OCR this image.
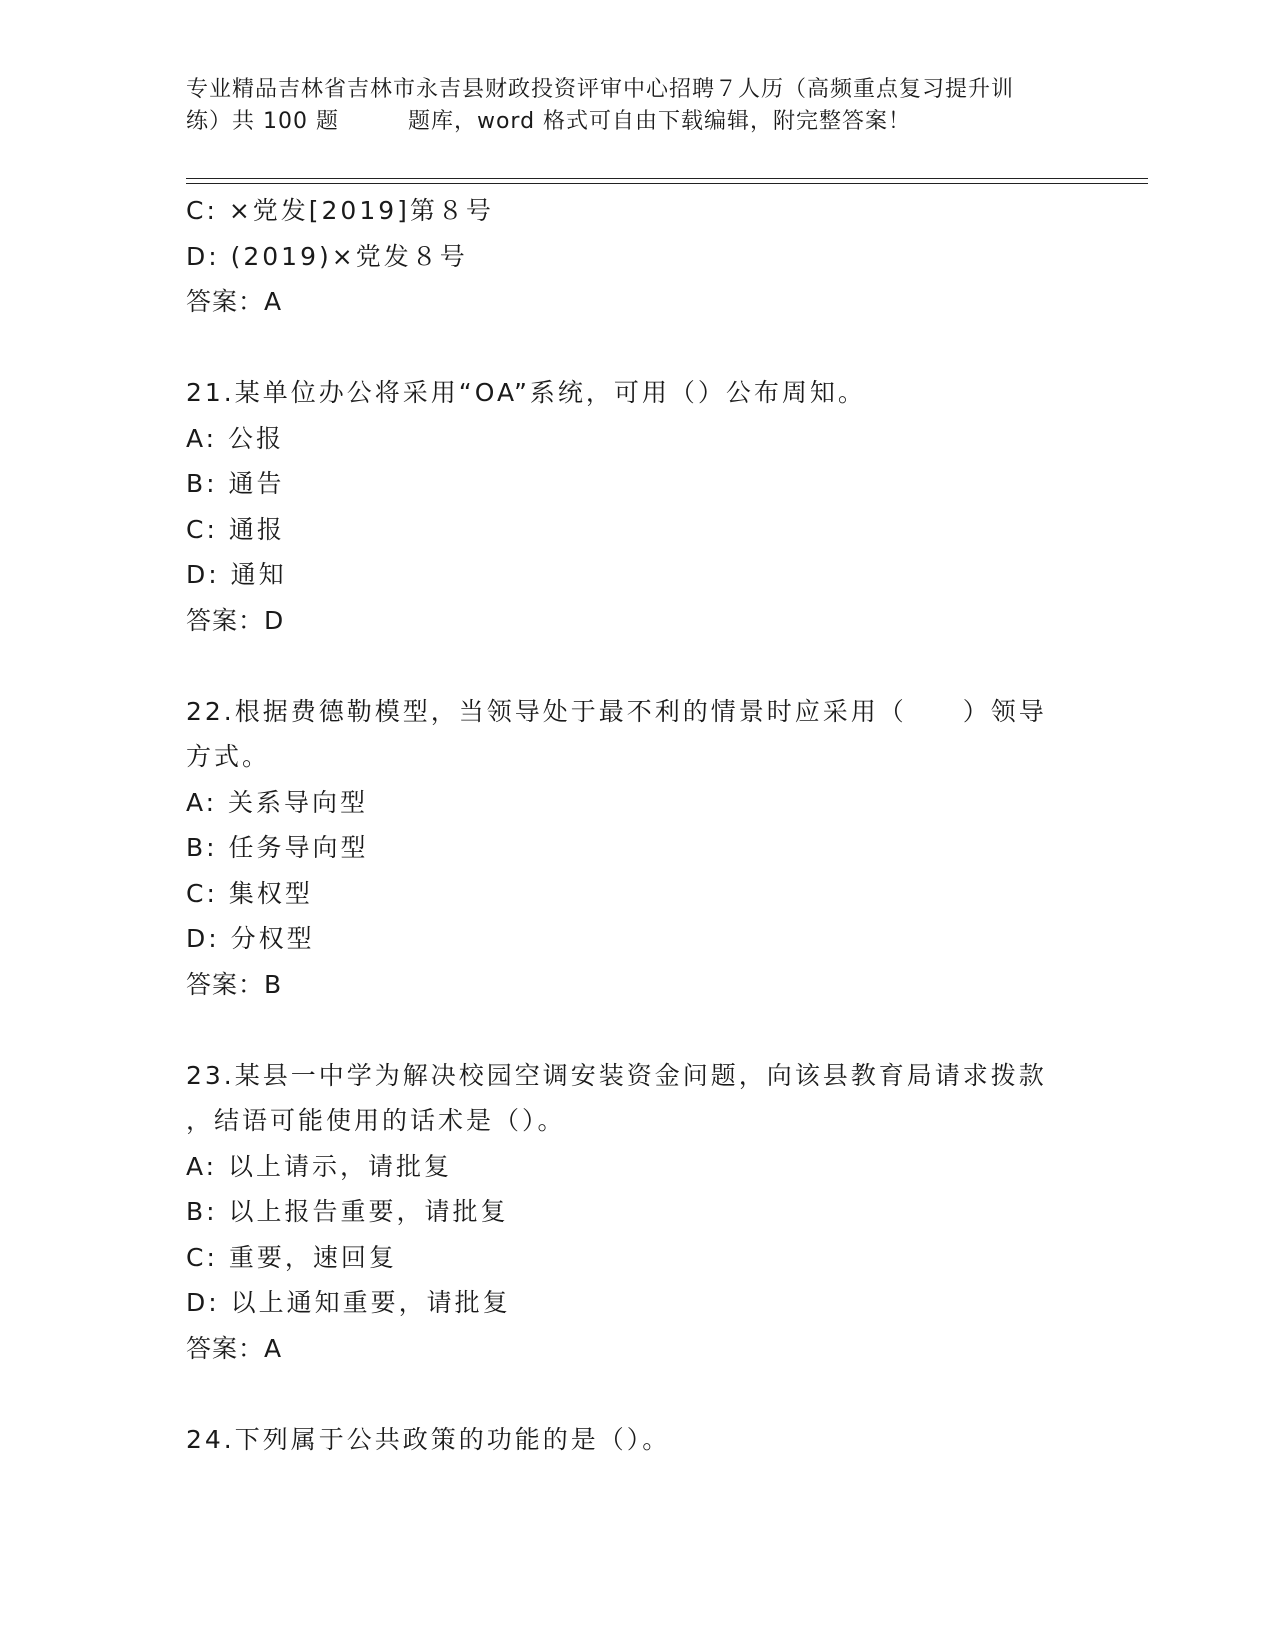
专业精品吉林省吉林市永吉县财政投资评审中心招聘７人历（高频重点复习提升训
练）共 100 题　　　题库，word 格式可自由下载编辑，附完整答案！
C: ×党发[2019]第８号
D: (2019)×党发８号
答案：A
21.某单位办公将采用“OA”系统，可用（）公布周知。
A: 公报
B: 通告
C: 通报
D: 通知
答案：D
22.根据费德勒模型，当领导处于最不利的情景时应采用（　　）领导
方式。
A: 关系导向型
B: 任务导向型
C: 集权型
D: 分权型
答案：B
23.某县一中学为解决校园空调安装资金问题，向该县教育局请求拨款
，结语可能使用的话术是（）。
A: 以上请示，请批复
B: 以上报告重要，请批复
C: 重要，速回复
D: 以上通知重要，请批复
答案：A
24.下列属于公共政策的功能的是（）。
